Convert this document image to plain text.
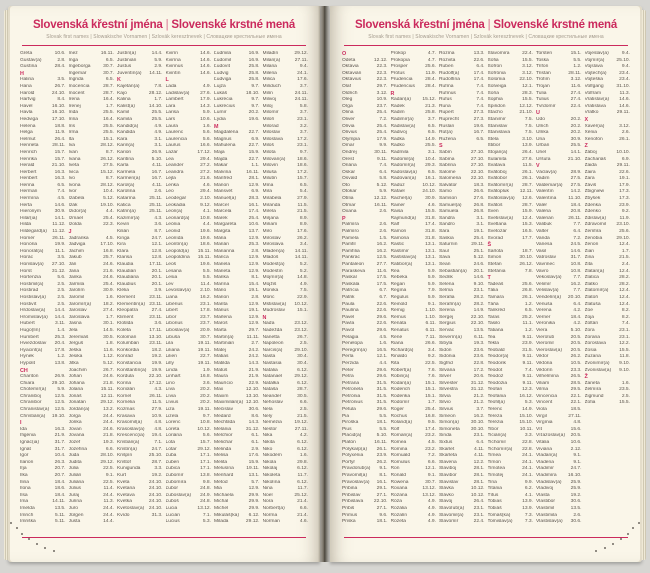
Slovenská křestní jména | Slovenské krstné mená
Slovak first names | Slowakische Vornamen | Szlovák keresztnevek | Словацкие крестильные имена
Gréta	10.6.
Gustáv(a)	2.8.
Gustína	28.4.
H
Halina	3.5.
Hana	26.7.
Harold	24.10.
Hartvig	8.4.
Havel	16.10.
Havla	16.10.
Hedviga	17.10.
Helena	18.8.
Helga	11.9.
Helmut	26.4.
Henrieta	28.11.
Henrich	15.7.
Henrika	15.7.
Herald	21.10.
Herbert	16.3.
Heribert	16.3.
Herina	6.5.
Herman	7.4.
Hermína	4.5.
Herta	14.6.
Hieronym	30.9.
Hilár(ia)	14.1.
Hilda	11.12.
Hildegard(a)	11.12.
Homér	26.11.
Honória	19.9.
Honorát(a)	11.1.
Horác	3.5.
Horislav(a)	27.10.
Horst	31.12.
Hortenzia	5.6.
Hostimil(a)	2.5.
Hostirad	2.5.
Hostislav(a)	2.5.
Hostivít	2.5.
Hrdoslav(a)	14.4.
Hromislav(a)	14.4.
Hubert	3.11.
Hugo(lín)	1.4.
Humbert	25.3.
Hviezdoslav	20.4.
Hyacint(a)	17.8.
Hynek	1.2.
Hypolit	13.8.
CH
Chariton	26.9.
Chiara	29.10.
Chotemír(a)	5.9.
Chraniboj	12.5.
Chranibor	12.5.
Chranislav(a)	12.5.
Christián(a)	19.10.
I
Ida	16.3.
Ifigénia	21.9.
Ignác(ia)	31.7.
Ignát	31.7.
Igor	10.4.
Ilarion	26.3.
Iľja	20.7.
Ilka	20.7.
Ilina	18.4.
Ilona	18.6.
Ilsa	18.4.
Ima	14.11.
Imelda	13.5.
Imrich	5.11.
Imriška	5.11.
Inez	16.11.
Inga	6.5.
Ingeborga	30.7.
Ingemar	30.7.
Ingrida	6.5.
Inocencia	28.7.
Inocent	28.7.
Irena	16.4.
Irenej	1.7.
Irida	25.5.
Irina	16.4.
Iris	25.5.
Irma	25.5.
Ita	15.1.
Iva	28.12.
Ivan	8.7.
Ivana	26.12.
Iveta	27.5.
Ivica	15.12.
Ivo	8.7.
Ivona	28.12.
Ivor	10.4.
Izabela	5.12.
Izák	19.10.
Izidor(a)	4.4.
Izmael	25.4.
Izolda	22.3.
J
Jadranka	4.5.
Jadviga	17.10.
Jáchim	16.8.
Jakub	25.7.
Ján	24.6.
Jana	21.6.
Janka	24.6.
Jarmila	25.4.
Jarolím	30.9.
Jaromil	1.6.
Jaromír(a)	18.2.
Jaroslav	27.4.
Jaroslava	1.7.
Jasna	30.1.
Jela	14.5.
Jeremiáš	30.5.
Jerguš	1.8.
Ješka	11.6.
Jesika	1.12.
Jitka	5.12.
Joachim	26.7.
Johan	24.6.
Johana	21.8.
Jolana	15.11.
Jonáš	12.11.
Jonatán	29.12.
Jordán(a)	13.2.
Jorga	24.4.
Jorika	24.4.
Jovan	24.6.
Jovana	21.8.
Jozef	19.3.
Jozefína	6.6.
Júda	28.10.
Judita	29.12.
Júlia	22.5.
Julián	9.1.
Juliána	22.5.
Július	11.4.
Juraj	24.4.
Jurina	11.3.
Juro	24.4.
Jürgen	24.4.
Justa	14.4.
Justín(a)	14.4.
Justinián	5.9.
Justus	2.9.
Juventín(a)	14.11.
K
Kajetán(a)	7.8.
Kajo	28.12.
Kalina	1.7.
Kalist(a)	14.10.
Kamil	25.5.
Kamila	25.5.
Kandid(a)	4.9.
Kandida	4.9.
Kara	3.1.
Karin(a)	3.1.
Karion	26.9.
Karitína	5.10.
Karla	4.11.
Karmela	16.7.
Karmen(a)	16.7.
Karol(a)	4.11.
Karolína	2.6.
Katarína	25.11.
Katica	25.11.
Katrin(a)	25.11.
Kazimír(a)	4.3.
Kevin	3.6.
Kilián	8.7.
Kinga	24.7.
Kira	12.1.
Klára	12.8.
Klarisa	12.8.
Klaudia	17.11.
Klaudián	20.1.
Klaudiána	20.1.
Klaudius	20.1.
Klélia	3.9.
Klement	23.11.
Klementín(a) 23.11.
Kleopatra	27.4.
Kliment	23.11.
Klotilda	3.6.
Koleta	17.11.
Koloman	13.10.
Kolumbán	23.11.
Konkordia	18.2.
Konrád	19.2.
Konstancia	19.9.
Konštantín(a)	19.9.
Kordula	22.10.
Korina	17.12.
Koriolán	4.3.
Kornel	26.11.
Kornélia	11.5.
Kozmas	27.9.
Krasava	10.9.
Krasomil(a)	4.8.
Krasoslav(a)	4.8.
Krescenc(ia)	19.4.
Kristián(a)	7.1.
Kristín(a)	24.7.
Krišpín	25.10.
Krištof	28.7.
Kunigunda	3.3.
Kurt	19.2.
Kveta	24.10.
Kvetana	24.10.
Kvetava	24.10.
Kvetka	24.10.
Kvetoslav(a) 24.10.
Kvído	31.3.
Kvirín	14.6.
Kvirína	14.6.
Kvirinus	14.6.
Kvintín	14.6.
L
Lada	4.9.
Ladislav(a)	27.6.
Lambert	17.9.
Lara	14.3.
Larisa	5.9.
Lars	10.6.
Laura	1.6.
Laurenc	5.6.
Laurencia	5.6.
Laurus	16.6.
Lazár	17.12.
Lea	29.4.
Leander	27.2.
Leandra	27.2.
Lejla	21.6.
Lenka	4.6.
Leo	29.4.
Leodegar	2.10.
Leokádia	9.12.
Leon(a)	4.1.
Leonard(a)	10.8.
Leónia	4.4.
Leonid	19.6.
Leonída	19.6.
Leontín(a)	18.6.
Leopold(a)	15.11.
Leopoldína	15.11.
Leoš	19.6.
Lesana	5.5.
Lesia	5.5.
Lev	11.4.
Levoslav(a)	2.10.
Liana	16.2.
Libérius	23.1.
Libert	17.8.
Libor	23.7.
Liborius	23.7.
Liboslav(a)	20.9.
Libuša	30.7.
Lila	19.11.
Liliana	19.11.
Lilien	22.7.
Lilly	19.11.
Linda	1.9.
Linhart	16.8.
Lino	3.6.
Líva	20.2.
Lívia	20.2.
Lívius	20.2.
Liza	19.11.
Lizela	9.7.
Lorenc	10.8.
Loreta	10.12.
Loriána	5.6.
Lota	15.7.
Lotar	29.12.
Ľuba	17.1.
Ľuben	17.1.
Ľubica	17.1.
Ľubomír	13.8.
Ľubomíra	9.8.
Ľubor	24.8.
Ľuboslav(a)	24.9.
Ľuboš	24.8.
Lucia	13.12.
Lucián	7.1.
Lucius	5.3.
Ľudmila	16.9.
Ľudomil	16.9.
Ľudovít	25.8.
Ludvig	25.8.
Ľudviga	25.8.
Lujza	9.7.
Lukáš	18.10.
Lukrécia	9.7.
Lukrécius	9.7.
Lumír	20.2.
Lýdia	19.6.
M
Magdaléna	22.7.
Magnus	6.9.
Mahulena	22.7.
Maja	15.9.
Majda	22.7.
Makar	1.1.
Malvína	16.11.
Manfréd	28.1.
Manon	12.9.
Mansvét	6.9.
Manuel(a)	28.3.
Marcel	16.1.
Marcela	17.4.
Marek	25.4.
Margaréta	10.6.
Margita	13.7.
Mária	12.9.
Marián	25.3.
Marianna	2.8.
Marica	12.9.
Mariela	12.9.
Marieta	12.9.
Marika	8.1.
Marína	15.4.
Mário	19.1.
Marion	2.8.
Marita	12.9.
Márius	19.1.
Marlena	12.9.
Maroš	12.9.
Marta	29.7.
Martin(a)	11.11.
Martinián	2.7.
Matej	24.2.
Matias	24.2.
Matilda	14.3.
Matúš	21.9.
Maura	21.9.
Maurício	22.9.
Max	12.10.
Maxim	13.10.
Maximilián(a) 12.10.
Mečislav	30.6.
Medard	8.6.
Mechtilda	14.3.
Melánia	31.12.
Melchior	6.1.
Melichar	6.1.
Melinda	2.9.
Melisa	17.6.
Melita	15.9.
Melusína	19.11.
Menhard	13.1.
Metod	5.7.
Mia	12.9.
Michaela	29.9.
Michal	29.9.
Michel	29.9.
Mikuláš(ka)	6.12.
Milada	29.12.
Miladín	29.12.
Milan(a)	27.11.
Milana	9.4.
Milena	24.1.
Milica	17.6.
Milíduch	3.7.
Milín	24.11.
Milivoj	24.11.
Miloj	5.8.
Milomír	3.7.
Miloň	23.1.
Milorad	3.2.
Miloslav	3.7.
Miloslava	17.2.
Miloš	23.1.
Milota	9.7.
Milovan(a)	18.6.
Milovín	18.6.
Miluša	17.2.
Milutín	15.7.
Mína	6.5.
Mira	5.4.
Mirabela	27.9.
Miranda	11.5.
Mirela	21.5.
Mirjana	8.9.
Miriam	8.9.
Miro	17.6.
Miroslav	26.2.
Miroslava	3.4.
Mladen(a)	14.11.
Mladoš	14.11.
Modest(a)	5.2.
Modestín	5.2.
Mojmír(a)	14.8.
Mojžiš	4.9.
Monika	7.5.
Móric	22.9.
Mstislav(a)	10.12.
Múdroslav	15.1.
N
Naďa	23.12.
Nadežda	23.12.
Nanetta	26.7.
Napoleon	2.5.
Narcis(a)	29.10.
Nasta	30.4.
Nastasia	30.4.
Natália	6.12.
Natanael	29.12.
Natálka	6.12.
Nataša	28.7.
Neander	30.5.
Nehoslav	6.6.
Nela	2.5.
Nely	21.5.
Nemézia	19.12.
Nestor	27.11.
Nika	4.2.
Nikita	6.12.
Niko	6.12.
Nikodém	1.6.
Nikola	29.8.
Nikolaj	6.12.
Nikoleta	11.7.
Nikolína	6.12.
Nina	11.7.
Noel	25.12.
Nora	21.4.
Norbert(a)	6.6.
Norma	21.4.
Norman	4.6.
Slovenská křestní jména | Slovenské krstné mená
Slovak first names | Slowakische Vornamen | Szlovák keresztnevek | Словацкие крестильные имена
O
Odeta	12.12.
Oktávia	22.3.
Oktavián	22.3.
Oktávius	22.3.
Olaf	29.7.
Oldrich	3.12.
Oleg	10.9.
Oľga	23.7.
Olina	25.4.
Oliver	7.2.
Olívia	25.4.
Olívius	25.4.
Olympia	17.9.
Omar	9.9.
Ondrej	30.11.
Orest	9.11.
Oriána	7.4.
Oskar	6.4.
Osvald	5.8.
Oto	5.12.
Otokar	5.9.
Otília	12.12.
Otmar	16.11.
Oxana	2.6.
P
Palmíra	2.6.
Palmíro	2.6.
Pamela	1.5.
Pamfil	16.2.
Pamfília	16.2.
Pankrác	12.5.
Pantaleon	27.7.
Paraskeva	11.6.
Paskal	17.5.
Paskála	17.5.
Patrícia	6.7.
Patrik	6.7.
Paula	22.6.
Paulína	22.6.
Pavel	29.6.
Pavla	22.6.
Pavol	29.6.
Pelagia	4.5.
Penelopa	1.6.
Peregrín(a)	16.5.
Perla	12.1.
Perzida	4.4.
Peter	29.6.
Petra	29.6.
Petrana	31.5.
Petronela	31.5.
Petrónia	31.5.
Petrónius	31.5.
Petula	29.6.
Pia	5.5.
Piroška	18.1.
Pius	5.5.
Placid(a)	5.10.
Platón	16.11.
Polykarp(a)	26.1.
Polyxénia	23.9.
Porfýr	26.2.
Pravdoľub(a)	9.1.
Pravomil(a)	8.1.
Pravoslav(a)	16.1.
Pribina	29.1.
Pribislav	27.1.
Pribislava	22.10.
Pribiš	27.1.
Primus	9.6.
Priska	18.1.
Prokop	4.7.
Prokopia	4.7.
Prosper	25.6.
Prótus	11.9.
Prudencia	28.4.
Prudencius	28.4.
R
Radan(a)	15.12.
Radek	21.3.
Radim	25.8.
Radimír(a)	3.7.
Radislav(a)	6.5.
Radivoj	6.5.
Radka	14.9.
Radko	25.5.
Radmila	3.1.
Radomil(a)	10.4.
Radomír(a)	29.3.
Radoslav(a)	6.5.
Radovan(a)	16.1.
Radúz	10.12.
Rafael	24.10.
Rachel(a)	30.9.
Rainer	4.6.
Raisa	15.5.
Rajmund(a)	31.8.
Ralf	17.4.
Ramon	31.8.
Ramona	31.8.
Rastic	13.1.
Rastimír	13.1.
Rastislav(a)	13.1.
Ratibor(a)	13.1.
Rea	5.9.
Rebeka	5.9.
Regan	5.9.
Regína	7.9.
Regulus	5.9.
Reinold	9.1.
Remig	1.10.
Remus	1.10.
Renáta	6.11.
Renatus	6.11.
René	7.11.
Riana	26.6.
Richard(a)	3.4.
Rinaldo	9.2.
Rita	22.5.
Róbert(a)	7.6.
Robin(a)	7.6.
Rodan(a)	15.1.
Roderich	15.1.
Roderika	15.1.
Rodomír	1.7.
Roger	25.4.
Rochus	16.8.
Roland(a)	9.5.
Rolf	17.4.
Roman(a)	23.2.
Romea	4.5.
Romina	23.2.
Romuald	7.2.
Romulus	6.6.
Ron	12.1.
Ronald	9.1.
Rowena	30.7.
Roxana	13.12.
Rozana	13.12.
Róza	4.9.
Rozália	4.9.
Rozalín	4.9.
Rozeta	4.9.
Rozína	13.3.
Rozvita	22.6.
Ruben	6.4.
Rudolf(a)	17.4.
Rudolfína	17.4.
Rufína	7.4.
Rufínus	7.4.
Rufus	7.4.
Runa	7.4.
Rupert	27.3.
Ruprecht	27.3.
Ruslan	19.6.
Rút(a)	16.7.
Ružena	6.5.
S
Sabín	27.10.
Sabína	27.10.
Sabrina	27.10.
Salome	22.10.
Salomena	22.10.
Salvátor	18.3.
Samo	26.6.
Samson	27.6.
Samuel(a)	26.8.
Samuela	26.8.
Sandra	3.1.
Sandro	3.1.
Sára	19.1.
Saskia	25.4.
Saturnín	29.11.
Saul	25.1.
Sáva	5.12.
Sean	24.6.
Sebastián(a)	20.1.
Sedrik	14.6.
Selena	9.10.
Selma	23.1.
Serafia	28.2.
Serafín(a)	28.2.
Serena	14.9.
Sergej	22.10.
Sergius	22.10.
Servác	13.5.
Severín(a)	6.11.
Sibyla	19.3.
Sidón	23.6.
Sidónia	23.6.
Sigfrid	22.8.
Silvána	17.2.
Silver	20.6.
Silvester	31.12.
Silvestra	31.12.
Silvia	21.2.
Silvio	21.2.
Silvius	3.7.
Simeon	16.2.
Simon(a)	30.10.
Simoneta	30.10.
Sinda	23.1.
Sixtus	6.4.
Skarlet	4.11.
Skarleta	4.11.
Slavena	12.2.
Slaviboj	28.1.
Slavibor	28.1.
Slavislav	28.1.
Slávka	10.12.
Slávko	10.12.
Slavoj	26.4.
Slavoľub(a)	23.1.
Slavomil(a)	23.1.
Slavomír	22.4.
Slavomíra	22.4.
Sofia	15.5.
Sofron	3.12.
Sofrónia	3.12.
Solomia	22.10.
Solveiga	12.1.
Soňa	28.3.
Sophia	15.5.
Spiridon	12.12.
Stacho	21.10.
Stanimír	7.5.
Stanislav	7.5.
Stanislava	7.5.
Stela	3.10.
Stibor	13.9.
Stojan(a)	26.4.
Sulamita	27.6.
Svatava	11.5.
Svätoboj	26.1.
Svätobor	26.1.
Svätomír(a)	28.7.
Svätopluk	12.11.
Svätoslav(a)	12.6.
Svätoš	28.7.
Sven	15.9.
Svetislav(a)	12.4.
Svetlana	15.3.
Svetozár	16.5.
Svorad	17.7.
Š
Šarlota	18.7.
Šimon	30.10.
Štefan	26.12.
Štefánia	7.8.
T
Tadeáš	25.6.
Tália	26.8.
Tamara	26.1.
Táňa	1.2.
Tankréd	6.5.
Taras	25.2.
Tasilo	11.1.
Tatiana	1.2.
Tea	9.11.
Tekla	23.9.
Teobald	31.5.
Teodor(a)	9.11.
Teodorik	9.11.
Teodot	7.4.
Teodoz	9.11.
Teodózia	9.11.
Teofan	12.3.
Teofánia	16.12.
Teofil(a)	5.3.
Terenc	14.9.
Tereza	15.10.
Terézia	15.10.
Tibor	10.11.
Ticián(a)	3.3.
Tichomil	22.8.
Tichomír(a)	22.8.
Timea	24.1.
Timon	24.1.
Timotea	24.1.
Timotej	24.1.
Tina	9.9.
Titánia	6.2.
Títus	4.1.
Tobias	13.9.
Tobiáš	13.9.
Tomáš(ka)	7.3.
Tomislav(a)	7.3.
Torsten	15.1.
Toska	5.5.
Trifon	1.2.
Tristan	28.11.
Trofim	3.12.
Trojan	11.6.
Tulia	27.4.
Tulius	27.4.
Tvrdomír	22.4.
U
Udo	20.2.
Ulrich	20.2.
Ulrika	20.2.
Una	30.9.
Urban	25.5.
Uriel	14.1.
Uršuľa	21.10.
V
Václav(a)	28.9.
Vadim	27.5.
Valdemar(a)	27.5.
Valentín	14.2.
Valentína	11.10.
Valér	18.4.
Valéria	20.8.
Valerián	26.11.
Valibuk	7.7.
Valter	6.4.
Vanda	7.2.
Vanesa	24.5.
Vasil	14.6.
Vatroslav	31.7.
Vavrinec	10.8.
Vavro	10.8.
Vekoslav(a)	7.7.
Velimír	16.2.
Velislav(a)	7.7.
Vendelín(a)	20.10.
Venuša	6.4.
Verena	4.2.
Verner	18.4.
Veronika	4.2.
Viera	5.10.
Vieroľub	20.5.
Vieromil	20.5.
Vieroslav(a)	20.5.
Viktor	26.2.
Viktória	10.5.
Viktorín	23.3.
Vilhelmína	26.5.
Viliam	28.5.
Vilma	29.5.
Vincencia	22.1.
Vincent	22.1.
Viola	18.5.
Virgil	27.11.
Virgínia	4.8.
Vít	15.6.
Víťazoslav(a)	20.5.
Vitália	10.6.
Viviána	2.12.
Vladan(a)	9.1.
Vladena	9.1.
Vladimír	24.7.
Vladimíra	16.10.
Vladislav(a)	25.9.
Vladivoj	25.9.
Vlasta	19.2.
Vlastibor	30.6.
Vlastimil	13.5.
Vlastimila	2.6.
Vlastislav(a)	30.6.
Vojeslav(a)	9.4.
Vojmír(a)	25.10.
Vojslava	9.4.
Vojtech(a)	23.4.
Vojteška	23.4.
Volfgang	31.10.
Volfram	11.3.
Vratislav(a)	14.6.
Vratislava	14.6.
Vratko	29.11.
X
Xavér(ia)	3.12.
Xénia	2.6.
Xenofón	26.1.
Z
Záboj	10.10.
Zachariáš	6.9.
Zaida	29.11.
Zaira	22.6.
Zara	19.1.
Záviš	17.9.
Zbigniew	17.3.
Zbyšek	17.3.
Zdenka	23.9.
Zdenko	9.2.
Zdislav(a)	11.9.
Zdravomil	23.10.
Zemfira	25.6.
Zenóbia	29.10.
Zenon	12.4.
Zian	1.7.
Zina	21.5.
Zita	2.4.
Zlatan(a)	12.4.
Zlatica	28.2.
Zlatko	28.2.
Zlatomír(a)	12.4.
Zlatoň	12.4.
Zlatuša	12.4.
Zoe	8.2.
Zoja	8.2.
Zoltán	7.4.
Zora	23.1.
Zorana	23.1.
Zoroslava	12.2.
Zosia	15.5.
Zuzana	11.8.
Zvonimír(a)	9.10.
Zvonislav(a)	9.10.
Ž
Žaneta	1.6.
Želmíra	23.5.
Žigmund	2.5.
Žofia	15.5.
